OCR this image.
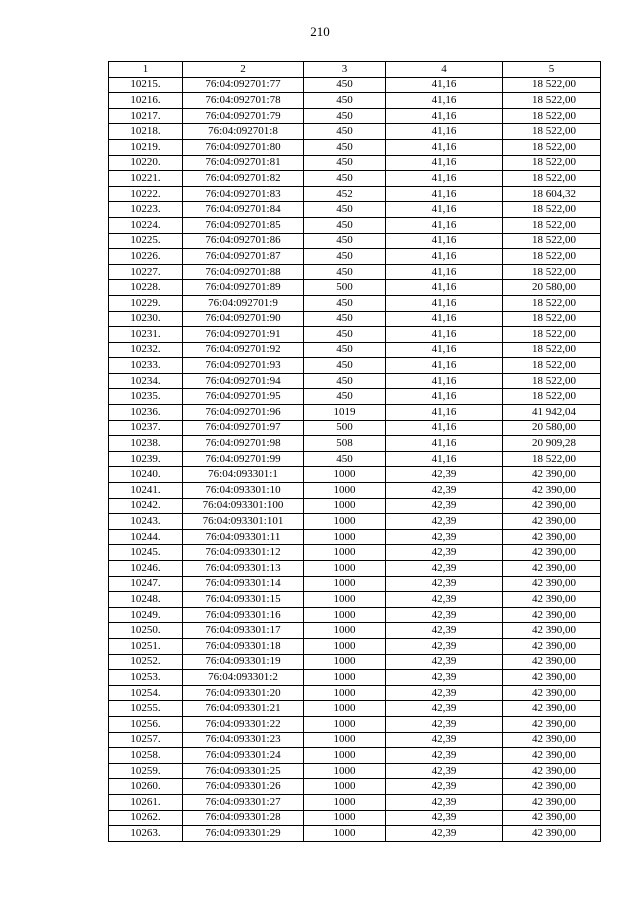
210
1	2	3	4	5
10215.	76:04:092701:77	450	41,16	18 522,00
10216.	76:04:092701:78	450	41,16	18 522,00
10217.	76:04:092701:79	450	41,16	18 522,00
10218.	76:04:092701:8	450	41,16	18 522,00
10219.	76:04:092701:80	450	41,16	18 522,00
10220.	76:04:092701:81	450	41,16	18 522,00
10221.	76:04:092701:82	450	41,16	18 522,00
10222.	76:04:092701:83	452	41,16	18 604,32
10223.	76:04:092701:84	450	41,16	18 522,00
10224.	76:04:092701:85	450	41,16	18 522,00
10225.	76:04:092701:86	450	41,16	18 522,00
10226.	76:04:092701:87	450	41,16	18 522,00
10227.	76:04:092701:88	450	41,16	18 522,00
10228.	76:04:092701:89	500	41,16	20 580,00
10229.	76:04:092701:9	450	41,16	18 522,00
10230.	76:04:092701:90	450	41,16	18 522,00
10231.	76:04:092701:91	450	41,16	18 522,00
10232.	76:04:092701:92	450	41,16	18 522,00
10233.	76:04:092701:93	450	41,16	18 522,00
10234.	76:04:092701:94	450	41,16	18 522,00
10235.	76:04:092701:95	450	41,16	18 522,00
10236.	76:04:092701:96	1019	41,16	41 942,04
10237.	76:04:092701:97	500	41,16	20 580,00
10238.	76:04:092701:98	508	41,16	20 909,28
10239.	76:04:092701:99	450	41,16	18 522,00
10240.	76:04:093301:1	1000	42,39	42 390,00
10241.	76:04:093301:10	1000	42,39	42 390,00
10242.	76:04:093301:100	1000	42,39	42 390,00
10243.	76:04:093301:101	1000	42,39	42 390,00
10244.	76:04:093301:11	1000	42,39	42 390,00
10245.	76:04:093301:12	1000	42,39	42 390,00
10246.	76:04:093301:13	1000	42,39	42 390,00
10247.	76:04:093301:14	1000	42,39	42 390,00
10248.	76:04:093301:15	1000	42,39	42 390,00
10249.	76:04:093301:16	1000	42,39	42 390,00
10250.	76:04:093301:17	1000	42,39	42 390,00
10251.	76:04:093301:18	1000	42,39	42 390,00
10252.	76:04:093301:19	1000	42,39	42 390,00
10253.	76:04:093301:2	1000	42,39	42 390,00
10254.	76:04:093301:20	1000	42,39	42 390,00
10255.	76:04:093301:21	1000	42,39	42 390,00
10256.	76:04:093301:22	1000	42,39	42 390,00
10257.	76:04:093301:23	1000	42,39	42 390,00
10258.	76:04:093301:24	1000	42,39	42 390,00
10259.	76:04:093301:25	1000	42,39	42 390,00
10260.	76:04:093301:26	1000	42,39	42 390,00
10261.	76:04:093301:27	1000	42,39	42 390,00
10262.	76:04:093301:28	1000	42,39	42 390,00
10263.	76:04:093301:29	1000	42,39	42 390,00
